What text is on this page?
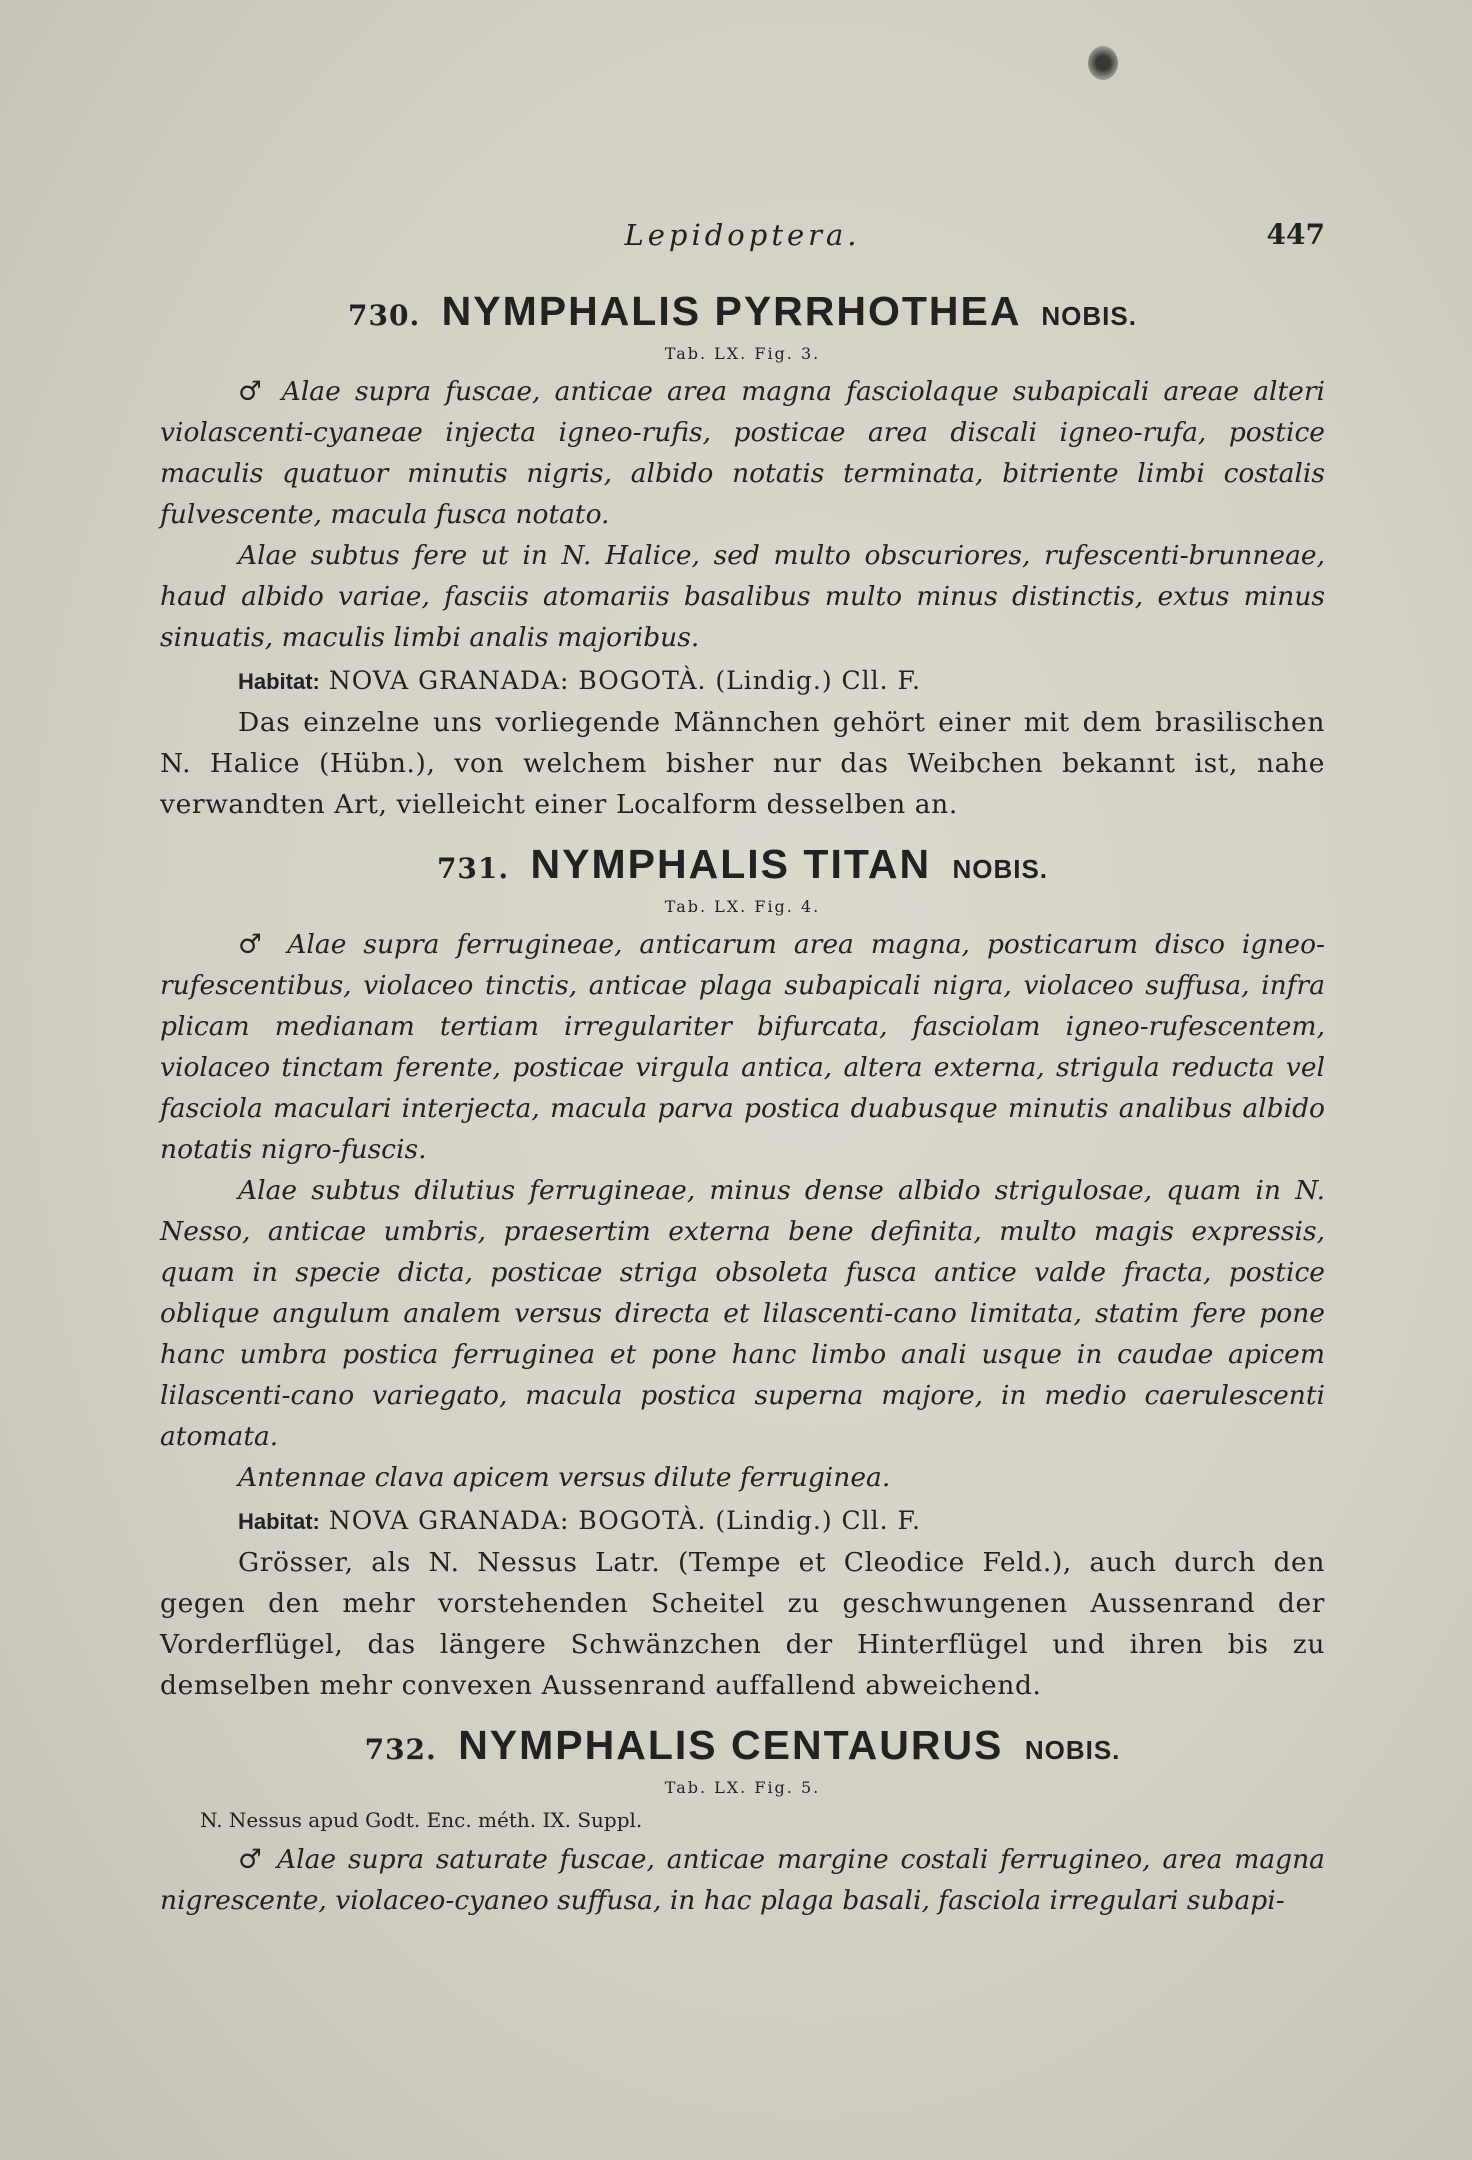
Lepidoptera.	447
730. NYMPHALIS PYRRHOTHEA NOBIS.
Tab. LX. Fig. 3.

♂ Alae supra fuscae, anticae area magna fasciolaque subapicali areae alteri violascenti-cyaneae injecta igneo-rufis, posticae area discali igneo-rufa, postice maculis quatuor minutis nigris, albido notatis terminata, bitriente limbi costalis fulvescente, macula fusca notato.

Alae subtus fere ut in N. Halice, sed multo obscuriores, rufescenti-brunneae, haud albido variae, fasciis atomariis basalibus multo minus distinctis, extus minus sinuatis, maculis limbi analis majoribus.

Habitat: NOVA GRANADA: BOGOTÀ. (Lindig.) Cll. F.

Das einzelne uns vorliegende Männchen gehört einer mit dem brasilischen N. Halice (Hübn.), von welchem bisher nur das Weibchen bekannt ist, nahe verwandten Art, vielleicht einer Localform desselben an.

731. NYMPHALIS TITAN NOBIS.
Tab. LX. Fig. 4.

♂ Alae supra ferrugineae, anticarum area magna, posticarum disco igneo-rufescentibus, violaceo tinctis, anticae plaga subapicali nigra, violaceo suffusa, infra plicam medianam tertiam irregulariter bifurcata, fasciolam igneo-rufescentem, violaceo tinctam ferente, posticae virgula antica, altera externa, strigula reducta vel fasciola maculari interjecta, macula parva postica duabusque minutis analibus albido notatis nigro-fuscis.

Alae subtus dilutius ferrugineae, minus dense albido strigulosae, quam in N. Nesso, anticae umbris, praesertim externa bene definita, multo magis expressis, quam in specie dicta, posticae striga obsoleta fusca antice valde fracta, postice oblique angulum analem versus directa et lilascenti-cano limitata, statim fere pone hanc umbra postica ferruginea et pone hanc limbo anali usque in caudae apicem lilascenti-cano variegato, macula postica superna majore, in medio caerulescenti atomata.

Antennae clava apicem versus dilute ferruginea.

Habitat: NOVA GRANADA: BOGOTÀ. (Lindig.) Cll. F.

Grösser, als N. Nessus Latr. (Tempe et Cleodice Feld.), auch durch den gegen den mehr vorstehenden Scheitel zu geschwungenen Aussenrand der Vorderflügel, das längere Schwänzchen der Hinterflügel und ihren bis zu demselben mehr convexen Aussenrand auffallend abweichend.

732. NYMPHALIS CENTAURUS NOBIS.
Tab. LX. Fig. 5.

N. Nessus apud Godt. Enc. méth. IX. Suppl.

♂ Alae supra saturate fuscae, anticae margine costali ferrugineo, area magna nigrescente, violaceo-cyaneo suffusa, in hac plaga basali, fasciola irregulari subapi-
